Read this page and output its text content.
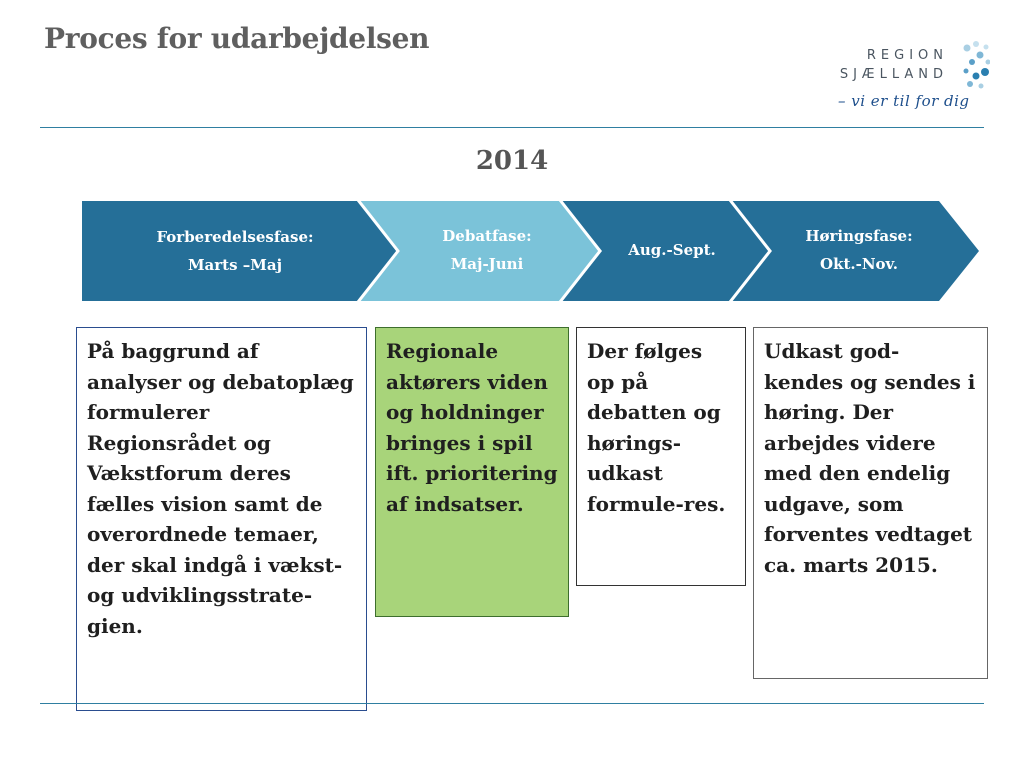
Proces for udarbejdelsen
REGION
SJÆLLAND
– vi er til for dig
2014
Forberedelsesfase:
Marts –Maj
Debatfase:
Maj-Juni
Aug.-Sept.
Høringsfase:
Okt.-Nov.
På baggrund af analyser og debatoplæg formulerer Regionsrådet og Vækstforum deres fælles vision samt de overordnede temaer, der skal indgå i vækst- og udviklingsstrate-gien.
Regionale aktørers viden og holdninger bringes i spil ift. prioritering af indsatser.
Der følges op på debatten og hørings-udkast formule-res.
Udkast god-kendes og sendes i høring. Der arbejdes videre med den endelig udgave, som forventes vedtaget ca. marts 2015.
